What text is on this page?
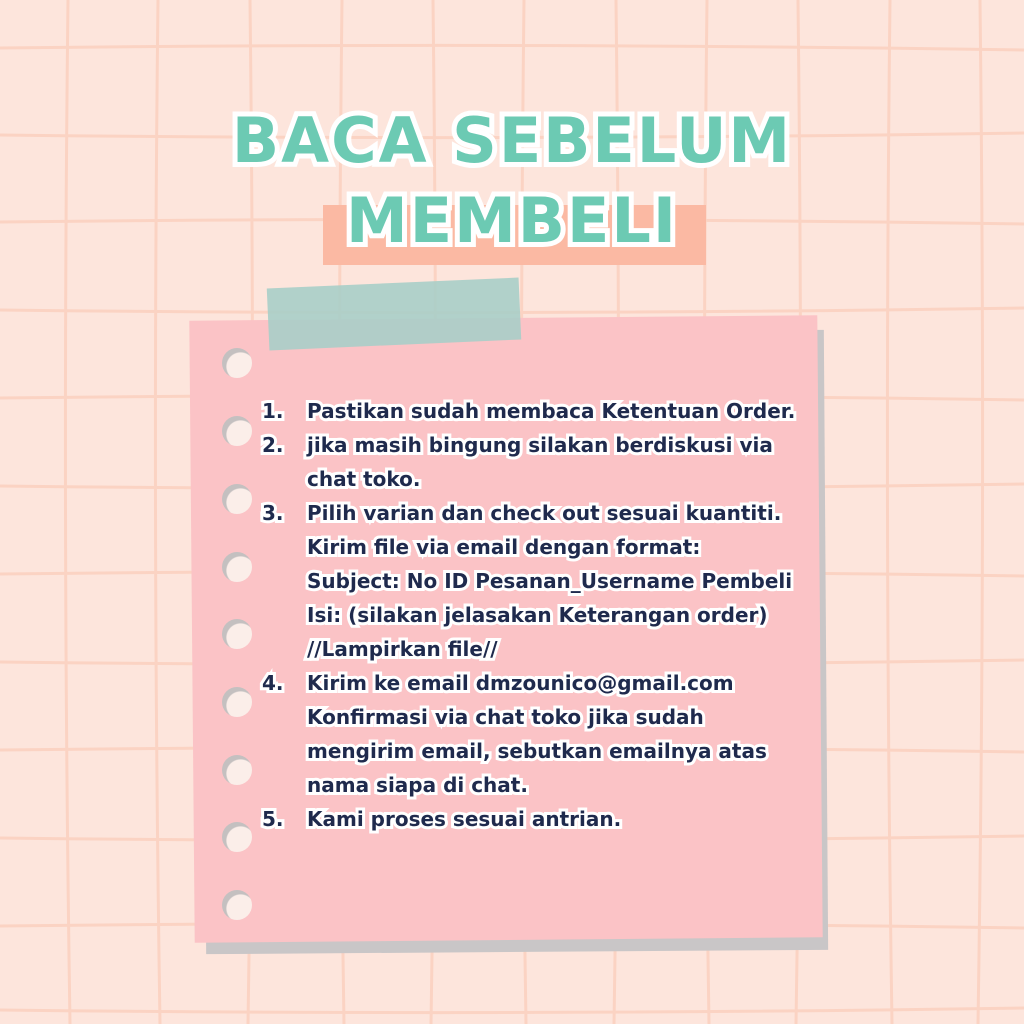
BACA SEBELUM
MEMBELI
1. Pastikan sudah membaca Ketentuan Order.
2. jika masih bingung silakan berdiskusi via
chat toko.
3. Pilih varian dan check out sesuai kuantiti.
Kirim file via email dengan format:
Subject: No ID Pesanan_Username Pembeli
Isi: (silakan jelasakan Keterangan order)
//Lampirkan file//
4. Kirim ke email dmzounico@gmail.com
Konfirmasi via chat toko jika sudah
mengirim email, sebutkan emailnya atas
nama siapa di chat.
5. Kami proses sesuai antrian.
